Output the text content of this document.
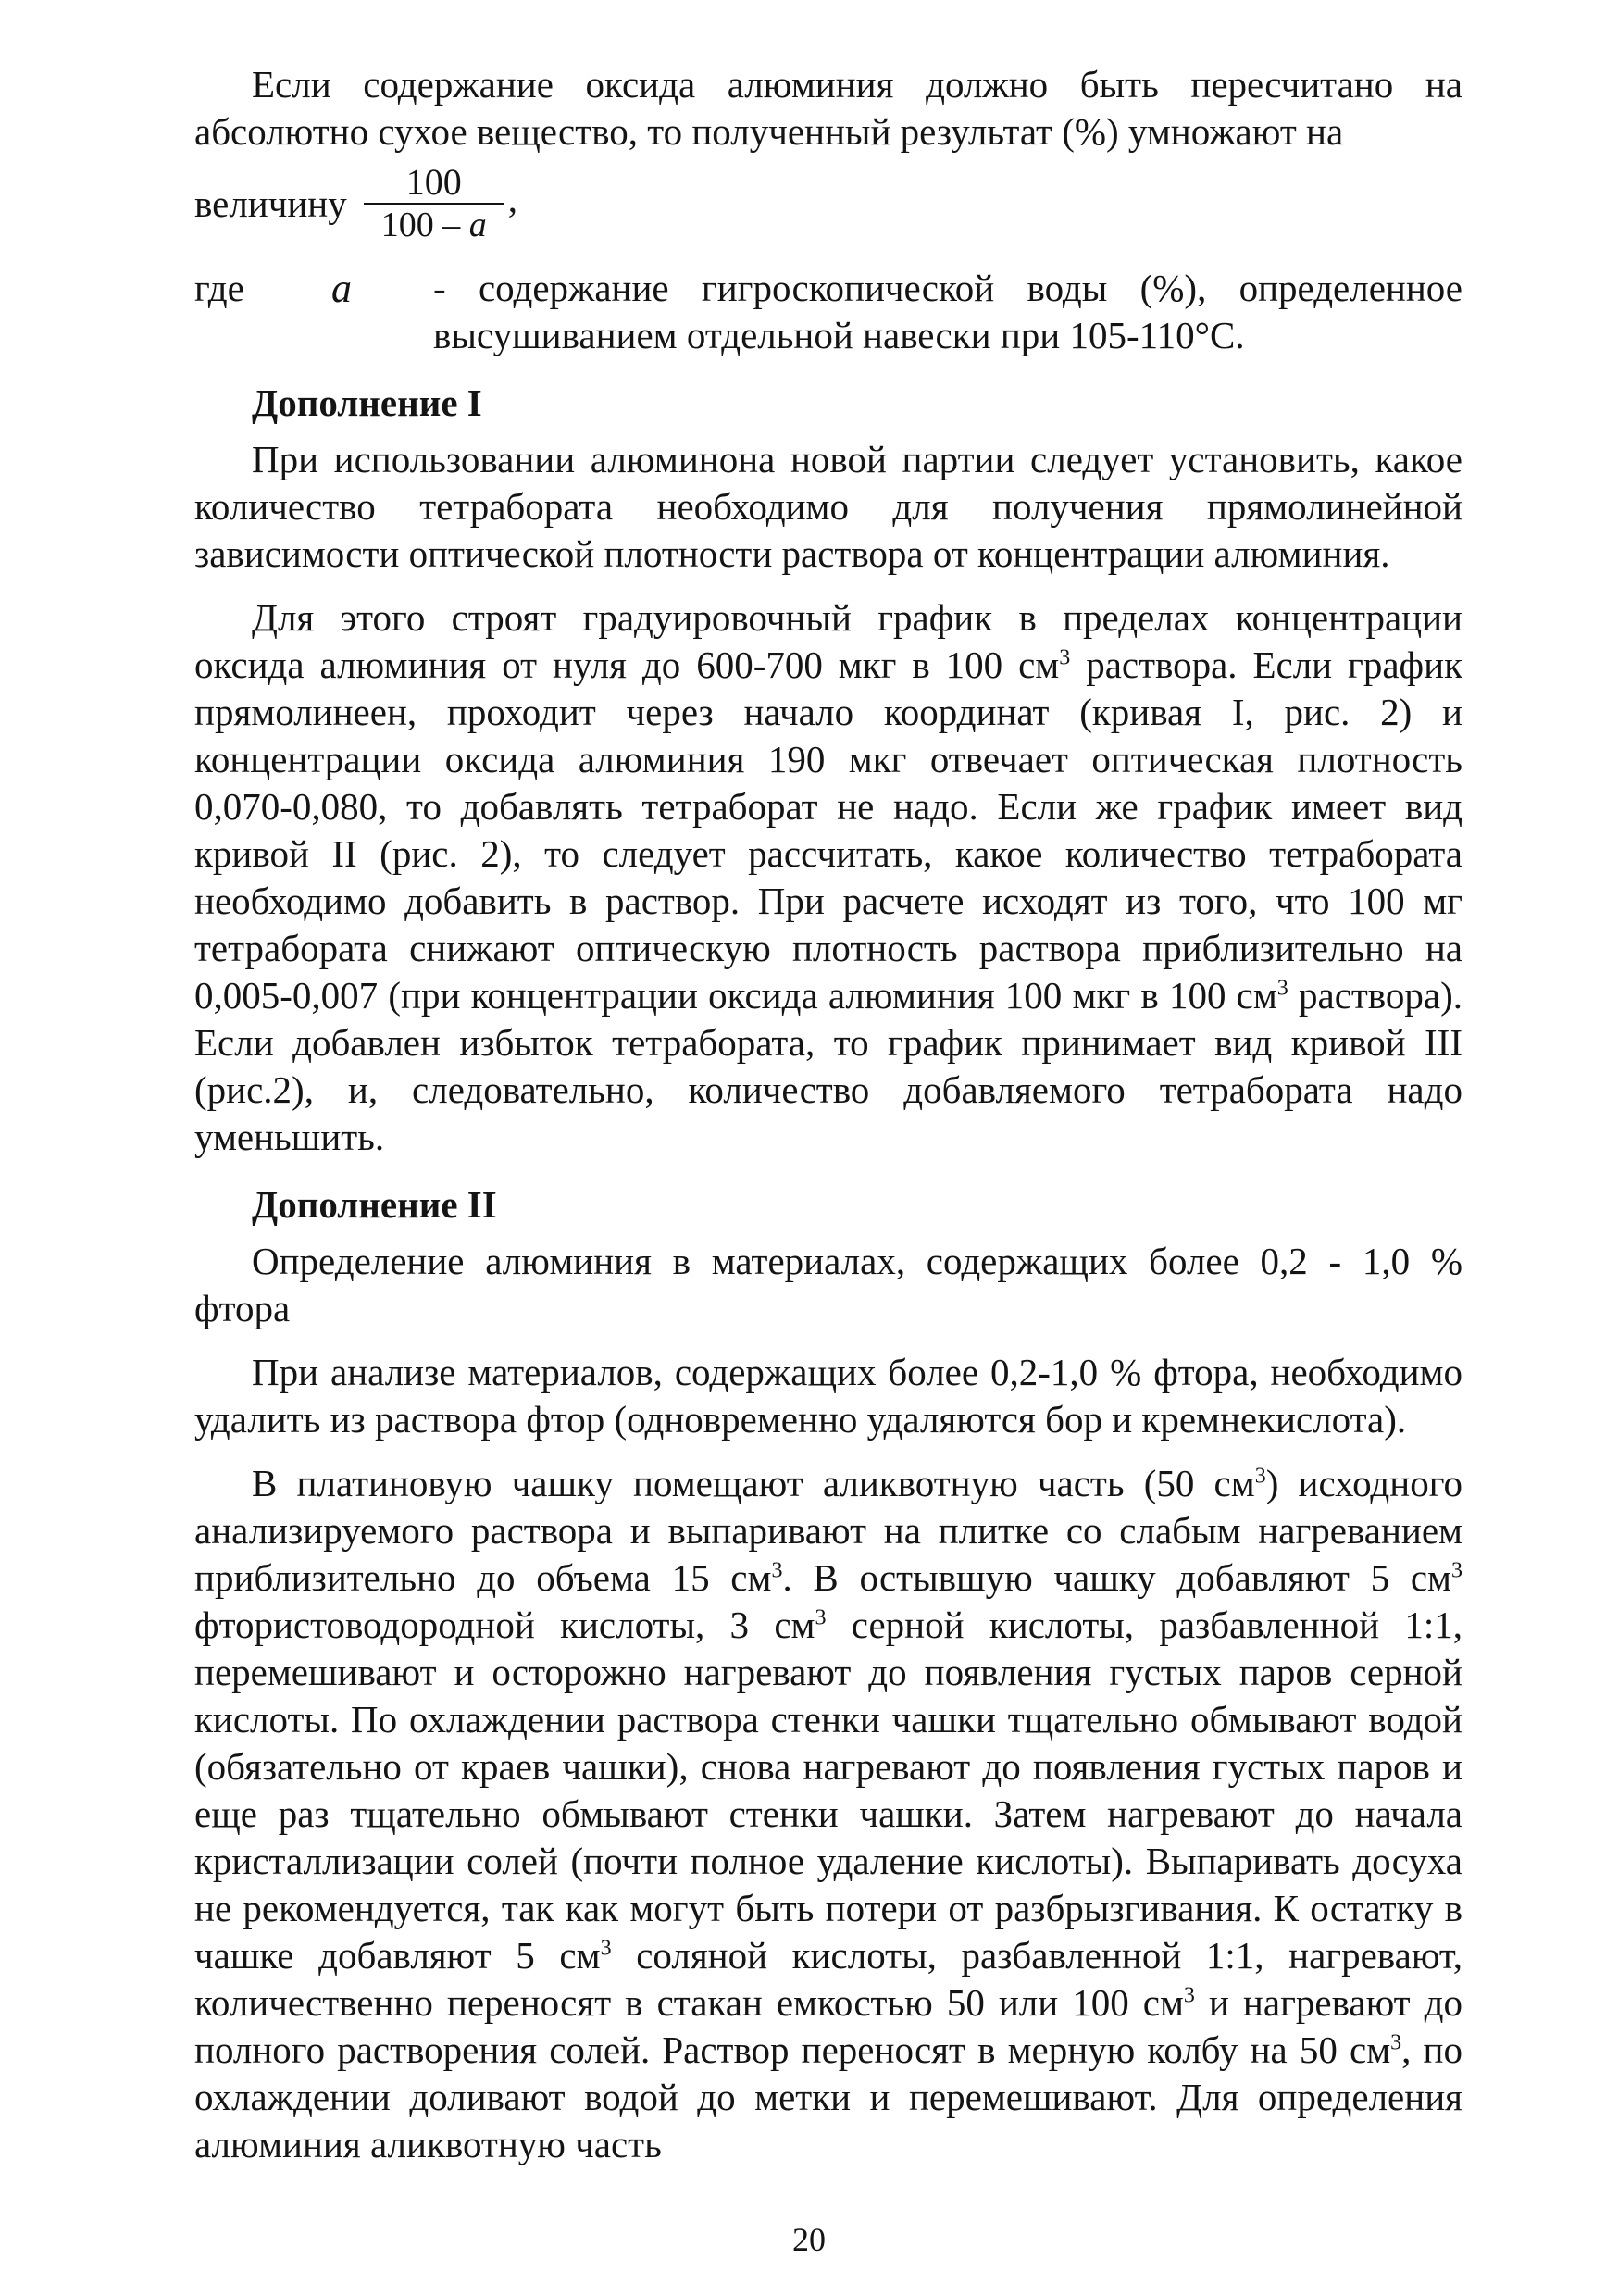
Если содержание оксида алюминия должно быть пересчитано на абсолютно сухое вещество, то полученный результат (%) умножают на

величину $\frac{100}{100 - a}$ ,
где	a	- содержание гигроскопической воды (%), определенное высушиванием отдельной навески при 105-110°С.
Дополнение I

При использовании алюминона новой партии следует установить, какое количество тетрабората необходимо для получения прямолинейной зависимости оптической плотности раствора от концентрации алюминия.

Для этого строят градуировочный график в пределах концентрации оксида алюминия от нуля до 600-700 мкг в 100 $см^3$ раствора. Если график прямолинеен, проходит через начало координат (кривая I, рис. 2) и концентрации оксида алюминия 190 мкг отвечает оптическая плотность 0,070-0,080, то добавлять тетраборат не надо. Если же график имеет вид кривой II (рис. 2), то следует рассчитать, какое количество тетрабората необходимо добавить в раствор. При расчете исходят из того, что 100 мг тетрабората снижают оптическую плотность раствора приблизительно на 0,005-0,007 (при концентрации оксида алюминия 100 мкг в 100 $см^3$ раствора). Если добавлен избыток тетрабората, то график принимает вид кривой III (рис.2), и, следовательно, количество добавляемого тетрабората надо уменьшить.

Дополнение II

Определение алюминия в материалах, содержащих более 0,2 - 1,0 % фтора

При анализе материалов, содержащих более 0,2-1,0 % фтора, необходимо удалить из раствора фтор (одновременно удаляются бор и кремнекислота).

В платиновую чашку помещают аликвотную часть (50 $см^3$) исходного анализируемого раствора и выпаривают на плитке со слабым нагреванием приблизительно до объема 15 $см^3$. В остывшую чашку добавляют 5 $см^3$ фтористоводородной кислоты, 3 $см^3$ серной кислоты, разбавленной 1:1, перемешивают и осторожно нагревают до появления густых паров серной кислоты. По охлаждении раствора стенки чашки тщательно обмывают водой (обязательно от краев чашки), снова нагревают до появления густых паров и еще раз тщательно обмывают стенки чашки. Затем нагревают до начала кристаллизации солей (почти полное удаление кислоты). Выпаривать досуха не рекомендуется, так как могут быть потери от разбрызгивания. К остатку в чашке добавляют 5 $см^3$ соляной кислоты, разбавленной 1:1, нагревают, количественно переносят в стакан емкостью 50 или 100 $см^3$ и нагревают до полного растворения солей. Раствор переносят в мерную колбу на 50 $см^3$, по охлаждении доливают водой до метки и перемешивают. Для определения алюминия аликвотную часть

20
